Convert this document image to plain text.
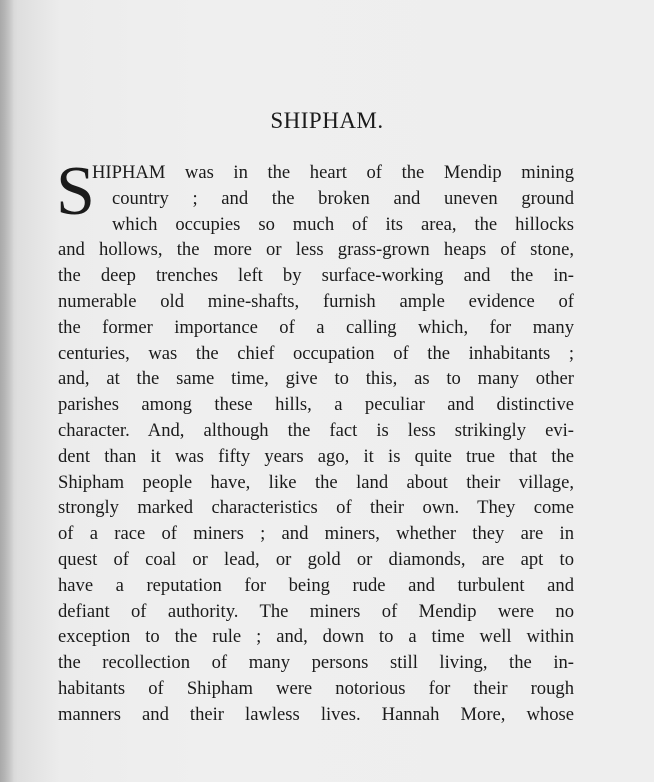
SHIPHAM.
S
HIPHAM was in the heart of the Mendip mining
country ; and the broken and uneven ground
which occupies so much of its area, the hillocks
and hollows, the more or less grass-grown heaps of stone,
the deep trenches left by surface-working and the in-
numerable old mine-shafts, furnish ample evidence of
the former importance of a calling which, for many
centuries, was the chief occupation of the inhabitants ;
and, at the same time, give to this, as to many other
parishes among these hills, a peculiar and distinctive
character. And, although the fact is less strikingly evi-
dent than it was fifty years ago, it is quite true that the
Shipham people have, like the land about their village,
strongly marked characteristics of their own. They come
of a race of miners ; and miners, whether they are in
quest of coal or lead, or gold or diamonds, are apt to
have a reputation for being rude and turbulent and
defiant of authority. The miners of Mendip were no
exception to the rule ; and, down to a time well within
the recollection of many persons still living, the in-
habitants of Shipham were notorious for their rough
manners and their lawless lives. Hannah More, whose
